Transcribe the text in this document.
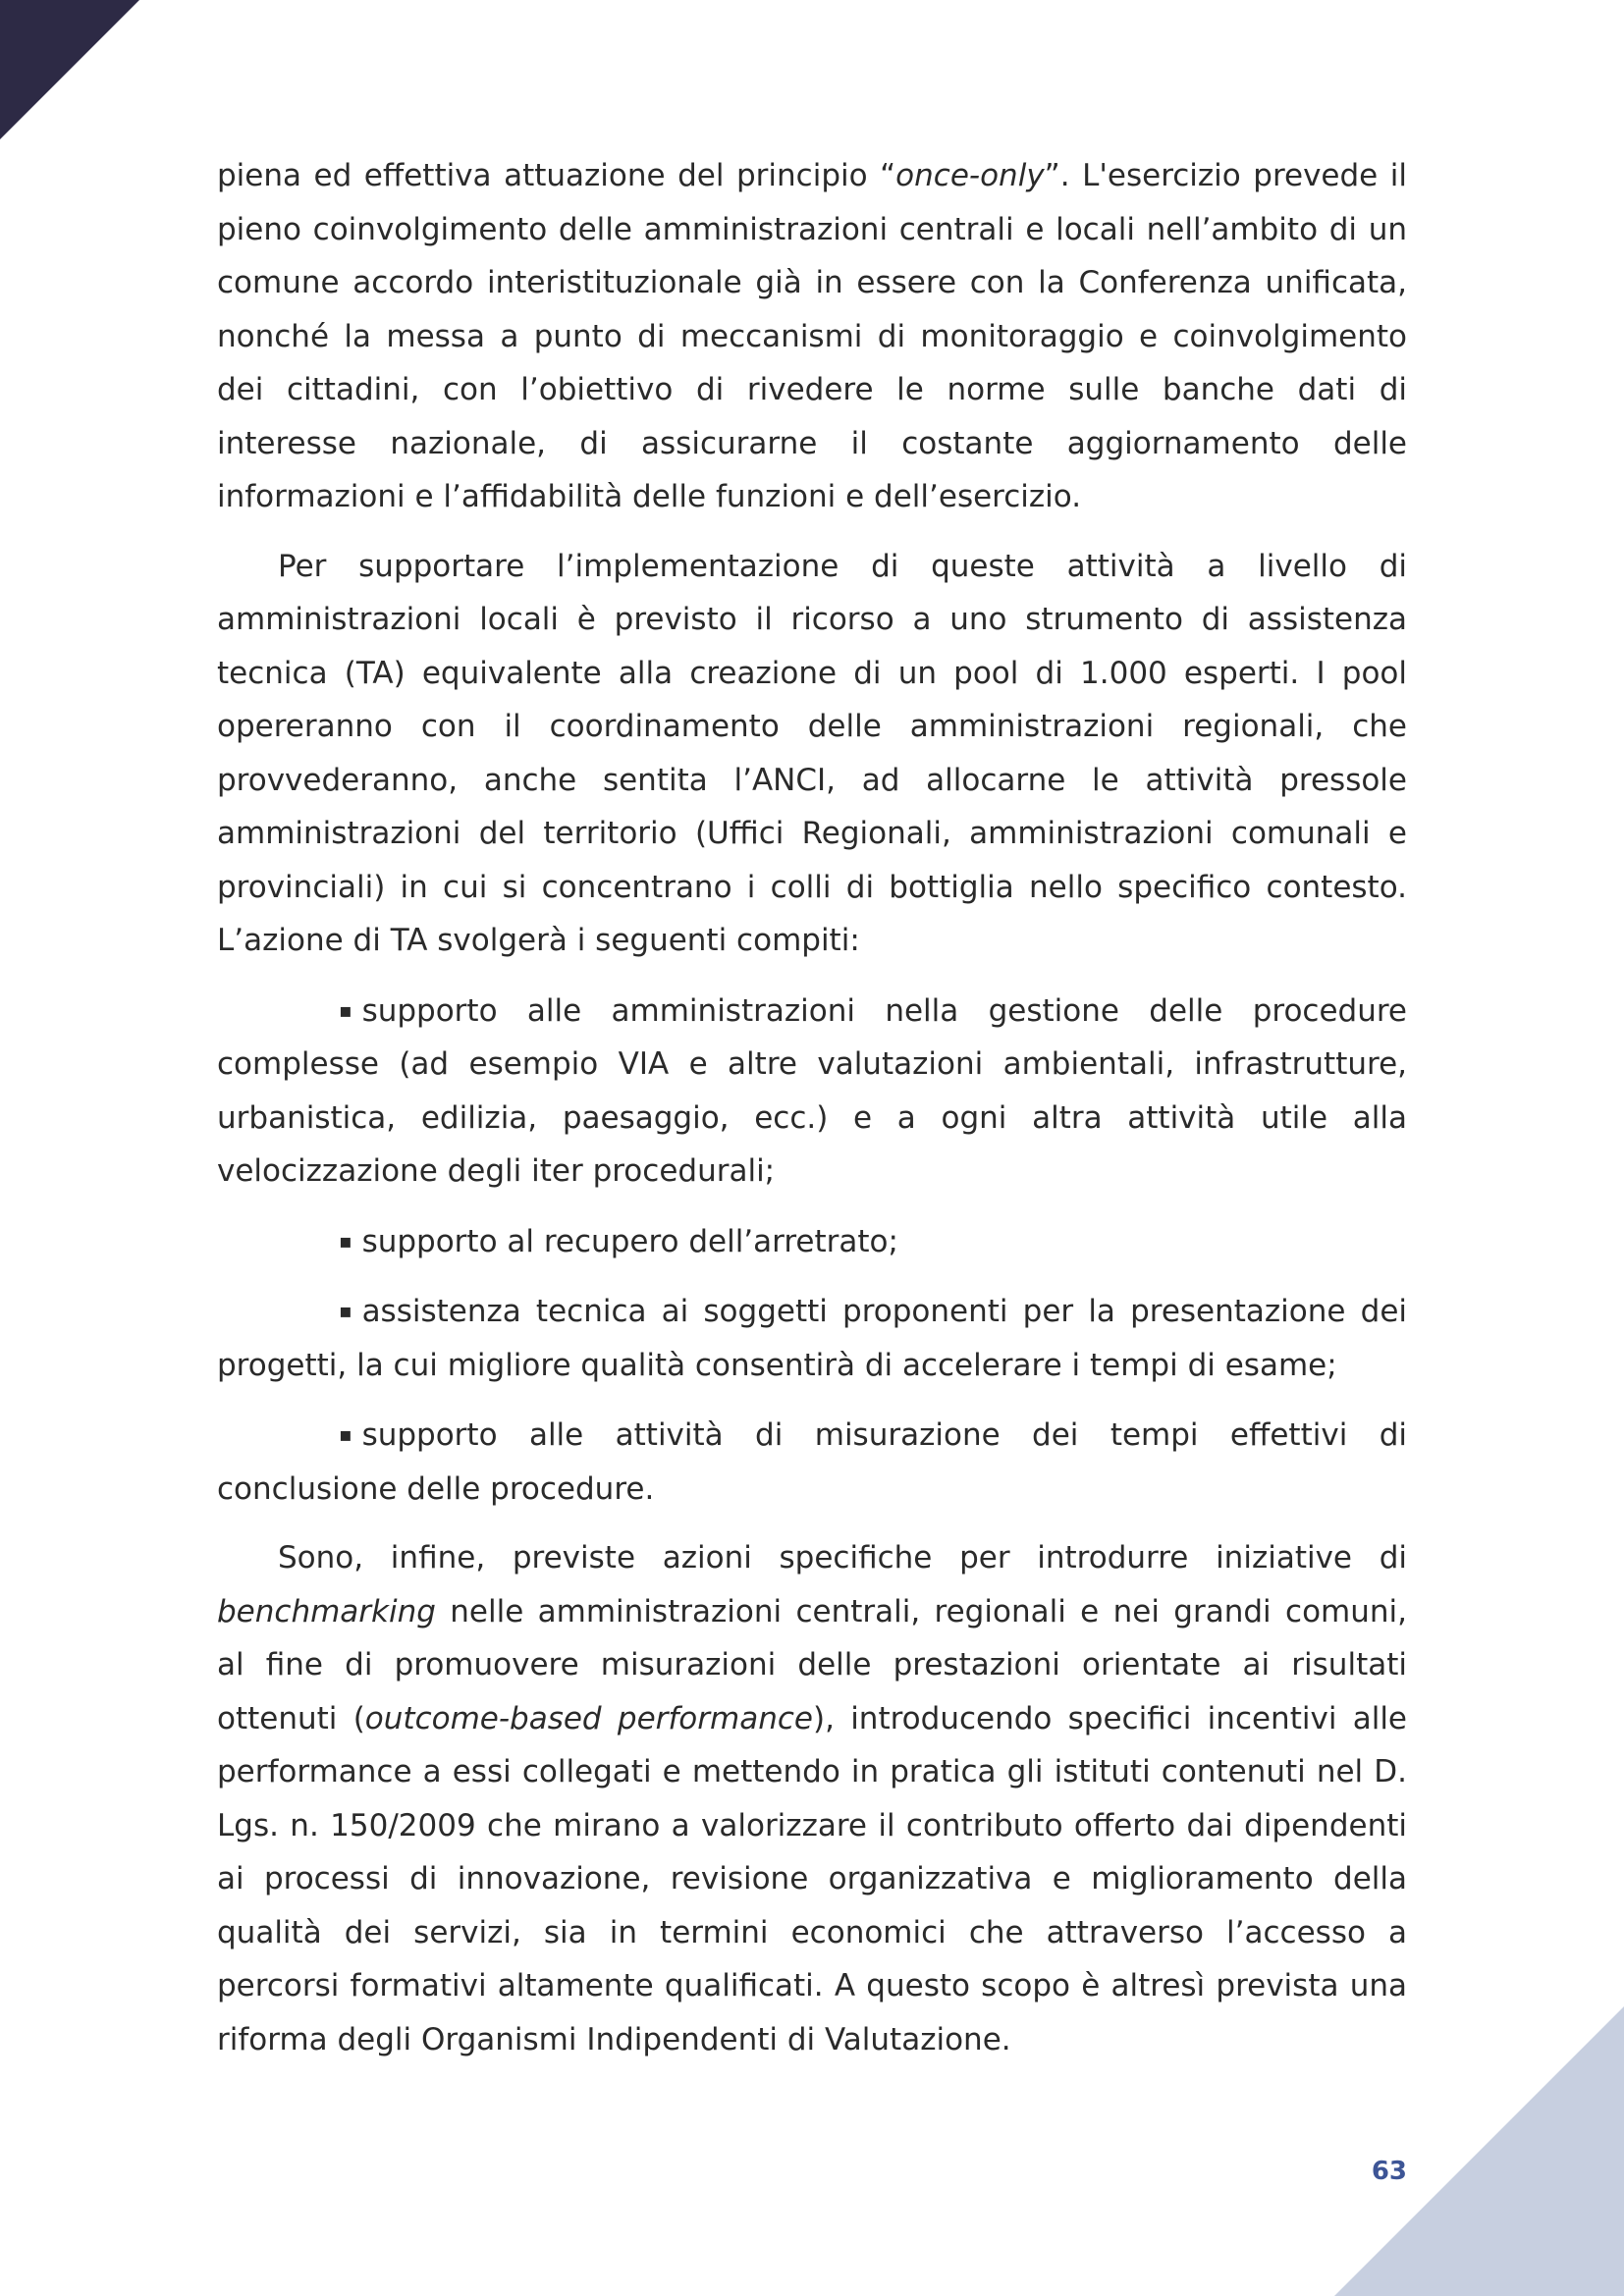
piena ed effettiva attuazione del principio “once-only”. L'esercizio prevede il pieno coinvolgimento delle amministrazioni centrali e locali nell’ambito di un comune accordo interistituzionale già in essere con la Conferenza unificata, nonché la messa a punto di meccanismi di monitoraggio e coinvolgimento dei cittadini, con l’obiettivo di rivedere le norme sulle banche dati di interesse nazionale, di assicurarne il costante aggiornamento delle informazioni e l’affidabilità delle funzioni e dell’esercizio.

Per supportare l’implementazione di queste attività a livello di amministrazioni locali è previsto il ricorso a uno strumento di assistenza tecnica (TA) equivalente alla creazione di un pool di 1.000 esperti. I pool opereranno con il coordinamento delle amministrazioni regionali, che provvederanno, anche sentita l’ANCI, ad allocarne le attività pressole amministrazioni del territorio (Uffici Regionali, amministrazioni comunali e provinciali) in cui si concentrano i colli di bottiglia nello specifico contesto. L’azione di TA svolgerà i seguenti compiti:

▪ supporto alle amministrazioni nella gestione delle procedure complesse (ad esempio VIA e altre valutazioni ambientali, infrastrutture, urbanistica, edilizia, paesaggio, ecc.) e a ogni altra attività utile alla velocizzazione degli iter procedurali;

▪ supporto al recupero dell’arretrato;

▪ assistenza tecnica ai soggetti proponenti per la presentazione dei progetti, la cui migliore qualità consentirà di accelerare i tempi di esame;

▪ supporto alle attività di misurazione dei tempi effettivi di conclusione delle procedure.

Sono, infine, previste azioni specifiche per introdurre iniziative di benchmarking nelle amministrazioni centrali, regionali e nei grandi comuni, al fine di promuovere misurazioni delle prestazioni orientate ai risultati ottenuti (outcome-based performance), introducendo specifici incentivi alle performance a essi collegati e mettendo in pratica gli istituti contenuti nel D. Lgs. n. 150/2009 che mirano a valorizzare il contributo offerto dai dipendenti ai processi di innovazione, revisione organizzativa e miglioramento della qualità dei servizi, sia in termini economici che attraverso l’accesso a percorsi formativi altamente qualificati. A questo scopo è altresì prevista una riforma degli Organismi Indipendenti di Valutazione.

63
